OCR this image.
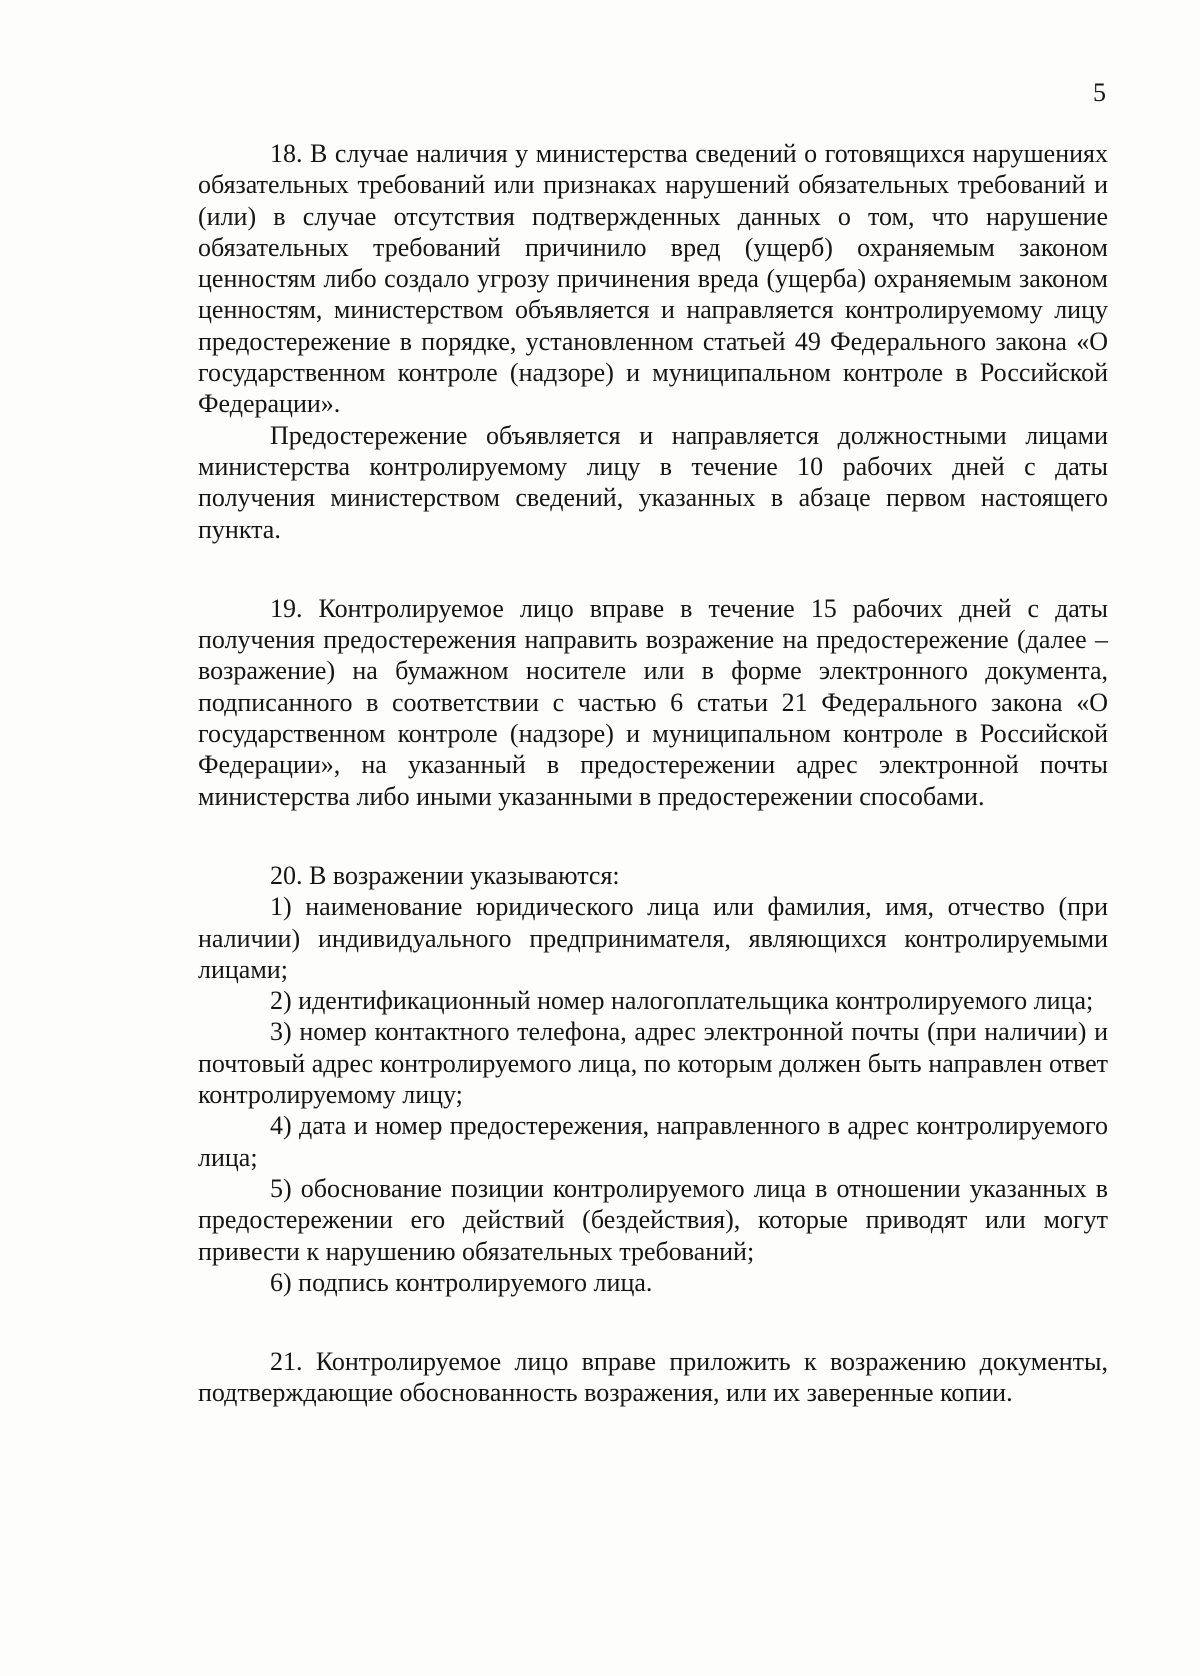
5

18. В случае наличия у министерства сведений о готовящихся нарушениях обязательных требований или признаках нарушений обязательных требований и (или) в случае отсутствия подтвержденных данных о том, что нарушение обязательных требований причинило вред (ущерб) охраняемым законом ценностям либо создало угрозу причинения вреда (ущерба) охраняемым законом ценностям, министерством объявляется и направляется контролируемому лицу предостережение в порядке, установленном статьей 49 Федерального закона «О государственном контроле (надзоре) и муниципальном контроле в Российской Федерации».

Предостережение объявляется и направляется должностными лицами министерства контролируемому лицу в течение 10 рабочих дней с даты получения министерством сведений, указанных в абзаце первом настоящего пункта.

19. Контролируемое лицо вправе в течение 15 рабочих дней с даты получения предостережения направить возражение на предостережение (далее – возражение) на бумажном носителе или в форме электронного документа, подписанного в соответствии с частью 6 статьи 21 Федерального закона «О государственном контроле (надзоре) и муниципальном контроле в Российской Федерации», на указанный в предостережении адрес электронной почты министерства либо иными указанными в предостережении способами.

20. В возражении указываются:

1) наименование юридического лица или фамилия, имя, отчество (при наличии) индивидуального предпринимателя, являющихся контролируемыми лицами;

2) идентификационный номер налогоплательщика контролируемого лица;

3) номер контактного телефона, адрес электронной почты (при наличии) и почтовый адрес контролируемого лица, по которым должен быть направлен ответ контролируемому лицу;

4) дата и номер предостережения, направленного в адрес контролируемого лица;

5) обоснование позиции контролируемого лица в отношении указанных в предостережении его действий (бездействия), которые приводят или могут привести к нарушению обязательных требований;

6) подпись контролируемого лица.

21. Контролируемое лицо вправе приложить к возражению документы, подтверждающие обоснованность возражения, или их заверенные копии.
